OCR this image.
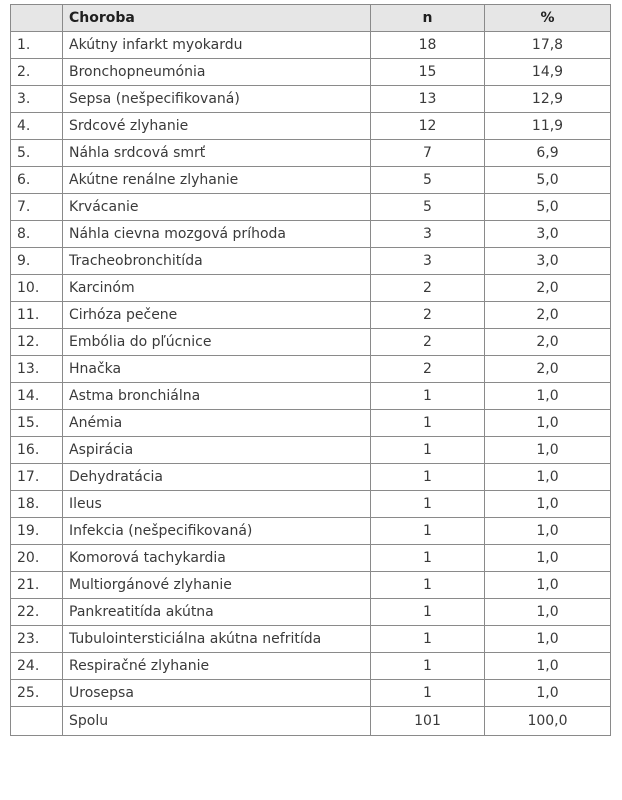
	Choroba	n	%
1.	Akútny infarkt myokardu	18	17,8
2.	Bronchopneumónia	15	14,9
3.	Sepsa (nešpecifikovaná)	13	12,9
4.	Srdcové zlyhanie	12	11,9
5.	Náhla srdcová smrť	7	6,9
6.	Akútne renálne zlyhanie	5	5,0
7.	Krvácanie	5	5,0
8.	Náhla cievna mozgová príhoda	3	3,0
9.	Tracheobronchitída	3	3,0
10.	Karcinóm	2	2,0
11.	Cirhóza pečene	2	2,0
12.	Embólia do pľúcnice	2	2,0
13.	Hnačka	2	2,0
14.	Astma bronchiálna	1	1,0
15.	Anémia	1	1,0
16.	Aspirácia	1	1,0
17.	Dehydratácia	1	1,0
18.	Ileus	1	1,0
19.	Infekcia (nešpecifikovaná)	1	1,0
20.	Komorová tachykardia	1	1,0
21.	Multiorgánové zlyhanie	1	1,0
22.	Pankreatitída akútna	1	1,0
23.	Tubulointersticiálna akútna nefritída	1	1,0
24.	Respiračné zlyhanie	1	1,0
25.	Urosepsa	1	1,0
	Spolu	101	100,0
